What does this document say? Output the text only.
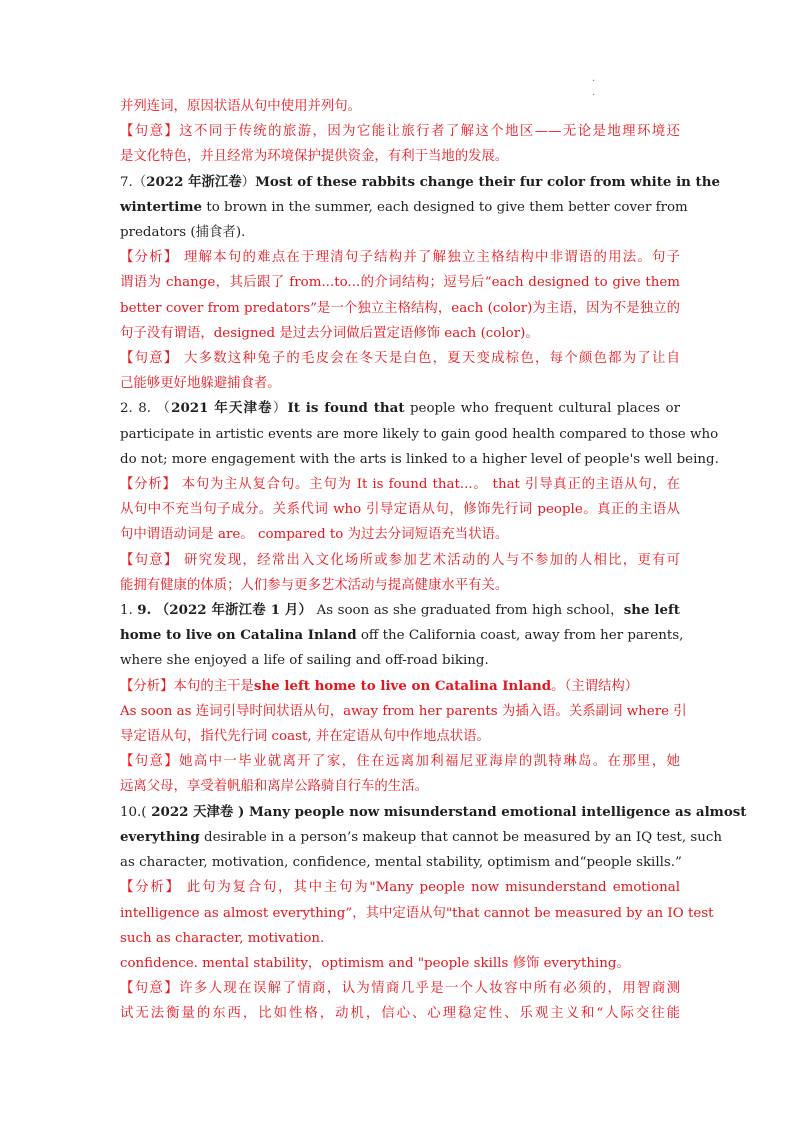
.
.
并列连词，原因状语从句中使用并列句。
【句意】这不同于传统的旅游，因为它能让旅行者了解这个地区——无论是地理环境还
是文化特色，并且经常为环境保护提供资金，有利于当地的发展。
7.（2022 年浙江卷）Most of these rabbits change their fur color from white in the
wintertime to brown in the summer, each designed to give them better cover from
predators (捕食者).
【分析】 理解本句的难点在于理清句子结构并了解独立主格结构中非谓语的用法。句子
谓语为 change，其后跟了 from...to...的介词结构；逗号后“each designed to give them
better cover from predators”是一个独立主格结构，each (color)为主语，因为不是独立的
句子没有谓语，designed 是过去分词做后置定语修饰 each (color)。
【句意】 大多数这种兔子的毛皮会在冬天是白色，夏天变成棕色，每个颜色都为了让自
己能够更好地躲避捕食者。
2. 8. （2021 年天津卷）It is found that people who frequent cultural places or
participate in artistic events are more likely to gain good health compared to those who
do not; more engagement with the arts is linked to a higher level of people's well being.
【分析】 本句为主从复合句。主句为 It is found that...。 that 引导真正的主语从句，在
从句中不充当句子成分。关系代词 who 引导定语从句，修饰先行词 people。真正的主语从
句中谓语动词是 are。 compared to 为过去分词短语充当状语。
【句意】 研究发现，经常出入文化场所或参加艺术活动的人与不参加的人相比，更有可
能拥有健康的体质；人们参与更多艺术活动与提高健康水平有关。
1. 9. （2022 年浙江卷 1 月） As soon as she graduated from high school，she left
home to live on Catalina Inland off the California coast, away from her parents,
where she enjoyed a life of sailing and off-road biking.
【分析】本句的主干是she left home to live on Catalina Inland。（主谓结构）
As soon as 连词引导时间状语从句，away from her parents 为插入语。关系副词 where 引
导定语从句，指代先行词 coast, 并在定语从句中作地点状语。
【句意】她高中一毕业就离开了家，住在远离加利福尼亚海岸的凯特琳岛。在那里，她
远离父母，享受着帆船和离岸公路骑自行车的生活。
10.( 2022 天津卷 ) Many people now misunderstand emotional intelligence as almost
everything desirable in a person’s makeup that cannot be measured by an IQ test, such
as character, motivation, confidence, mental stability, optimism and“people skills.”
【分析】 此句为复合句，其中主句为"Many people now misunderstand emotional
intelligence as almost everything”，其中定语从句"that cannot be measured by an IO test
such as character, motivation.
confidence. mental stability，optimism and "people skills 修饰 everything。
【句意】许多人现在误解了情商，认为情商几乎是一个人妆容中所有必须的，用智商测
试无法衡量的东西，比如性格，动机，信心、心理稳定性、乐观主义和“人际交往能
